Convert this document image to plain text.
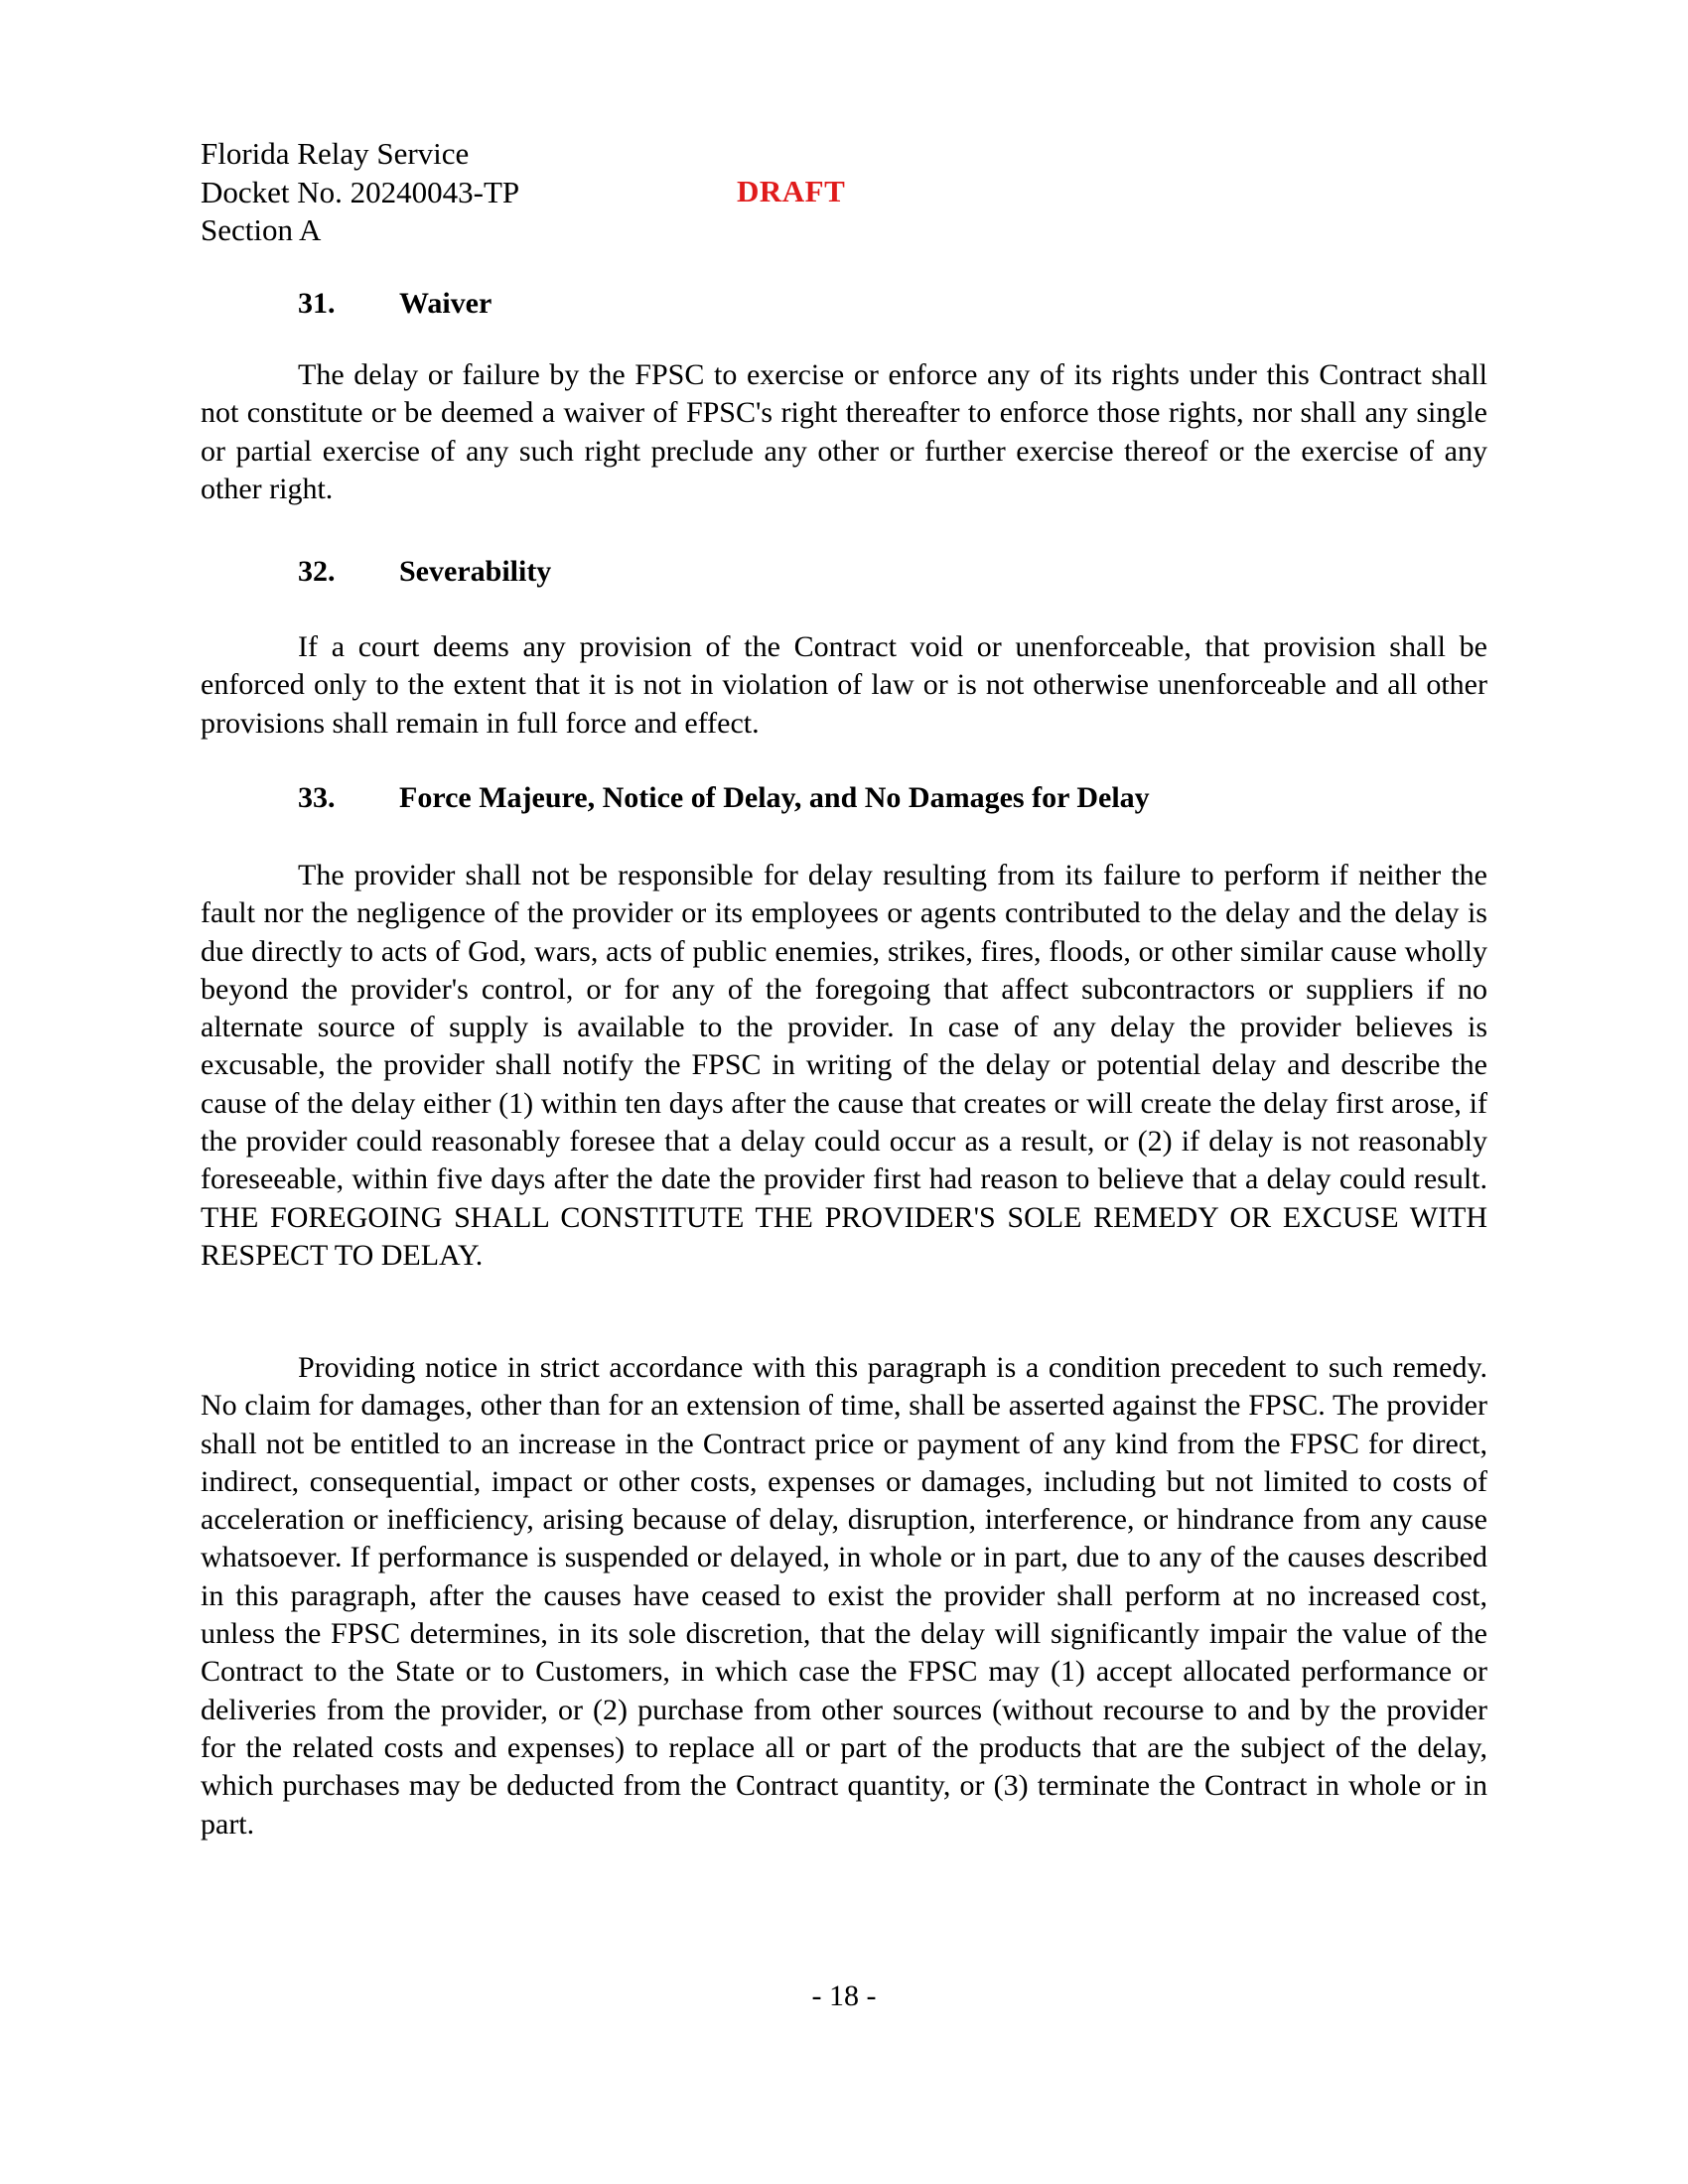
Florida Relay Service
Docket No. 20240043-TP
Section A
DRAFT
31. Waiver

The delay or failure by the FPSC to exercise or enforce any of its rights under this Contract shall not constitute or be deemed a waiver of FPSC's right thereafter to enforce those rights, nor shall any single or partial exercise of any such right preclude any other or further exercise thereof or the exercise of any other right.

32. Severability

If a court deems any provision of the Contract void or unenforceable, that provision shall be enforced only to the extent that it is not in violation of law or is not otherwise unenforceable and all other provisions shall remain in full force and effect.

33. Force Majeure, Notice of Delay, and No Damages for Delay

The provider shall not be responsible for delay resulting from its failure to perform if neither the fault nor the negligence of the provider or its employees or agents contributed to the delay and the delay is due directly to acts of God, wars, acts of public enemies, strikes, fires, floods, or other similar cause wholly beyond the provider's control, or for any of the foregoing that affect subcontractors or suppliers if no alternate source of supply is available to the provider. In case of any delay the provider believes is excusable, the provider shall notify the FPSC in writing of the delay or potential delay and describe the cause of the delay either (1) within ten days after the cause that creates or will create the delay first arose, if the provider could reasonably foresee that a delay could occur as a result, or (2) if delay is not reasonably foreseeable, within five days after the date the provider first had reason to believe that a delay could result. THE FOREGOING SHALL CONSTITUTE THE PROVIDER'S SOLE REMEDY OR EXCUSE WITH RESPECT TO DELAY.

Providing notice in strict accordance with this paragraph is a condition precedent to such remedy. No claim for damages, other than for an extension of time, shall be asserted against the FPSC. The provider shall not be entitled to an increase in the Contract price or payment of any kind from the FPSC for direct, indirect, consequential, impact or other costs, expenses or damages, including but not limited to costs of acceleration or inefficiency, arising because of delay, disruption, interference, or hindrance from any cause whatsoever. If performance is suspended or delayed, in whole or in part, due to any of the causes described in this paragraph, after the causes have ceased to exist the provider shall perform at no increased cost, unless the FPSC determines, in its sole discretion, that the delay will significantly impair the value of the Contract to the State or to Customers, in which case the FPSC may (1) accept allocated performance or deliveries from the provider, or (2) purchase from other sources (without recourse to and by the provider for the related costs and expenses) to replace all or part of the products that are the subject of the delay, which purchases may be deducted from the Contract quantity, or (3) terminate the Contract in whole or in part.

- 18 -
